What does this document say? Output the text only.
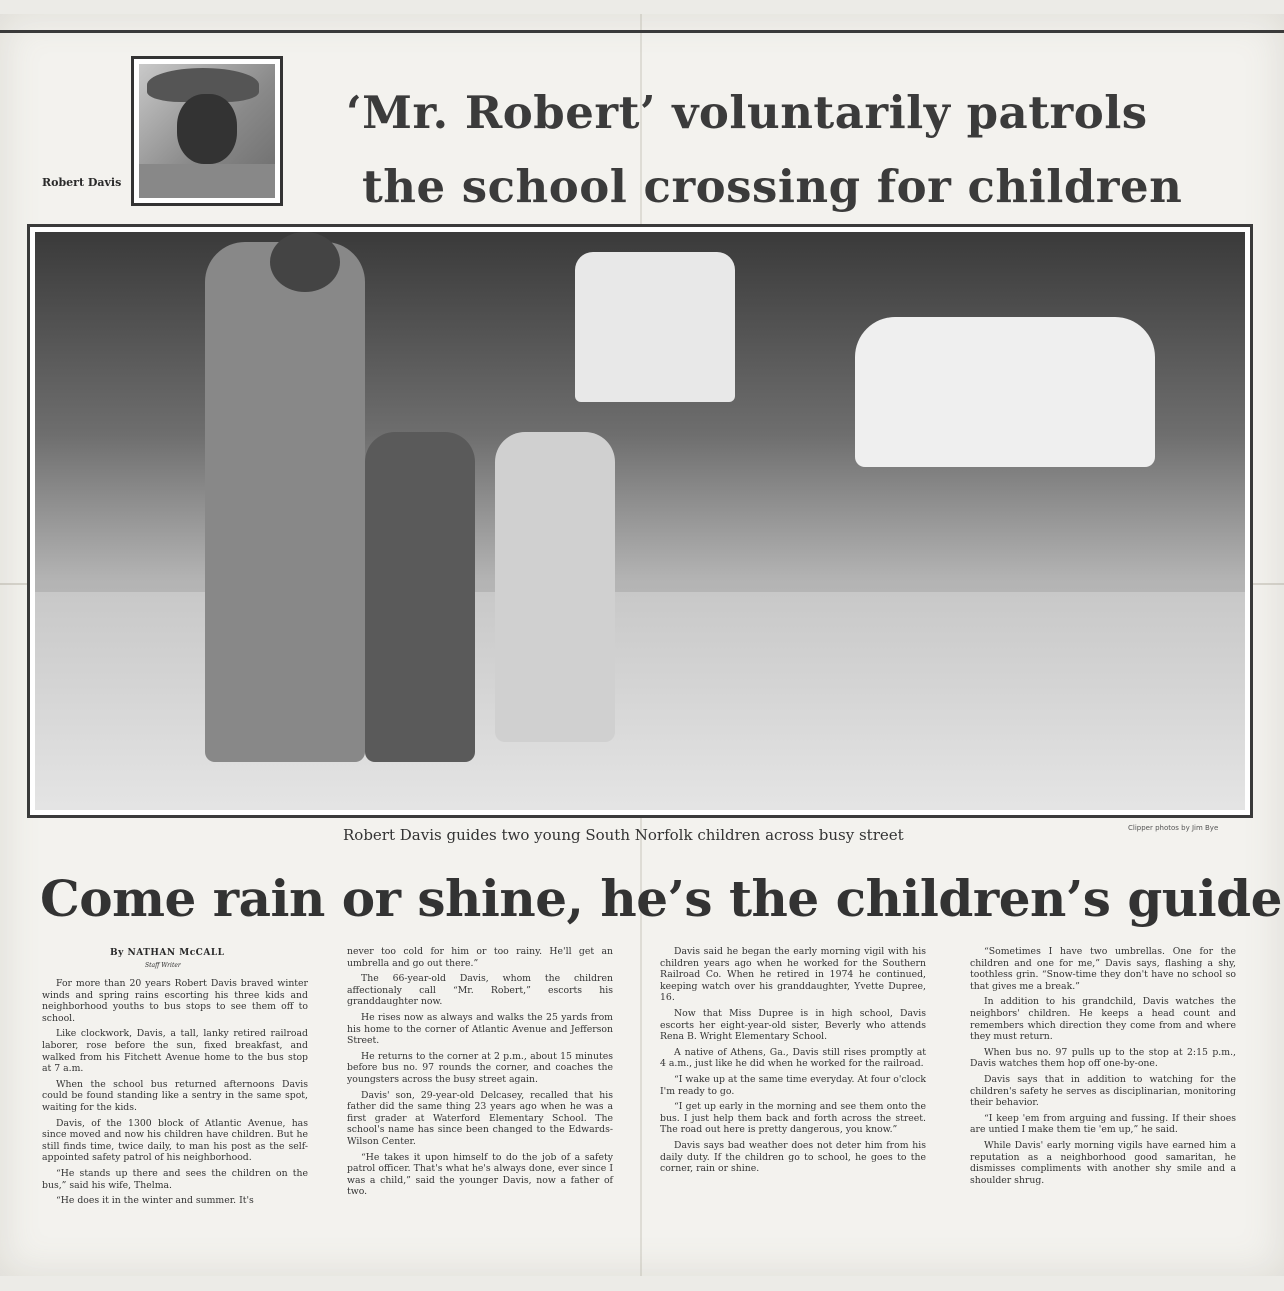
Robert Davis
‘Mr. Robert’ voluntarily patrols
the school crossing for children
Robert Davis guides two young South Norfolk children across busy street	Clipper photos by Jim Bye
Come rain or shine, he’s the children’s guide
By NATHAN McCALL
Staff Writer

For more than 20 years Robert Davis braved winter winds and spring rains escorting his three kids and neighborhood youths to bus stops to see them off to school.

Like clockwork, Davis, a tall, lanky retired railroad laborer, rose before the sun, fixed breakfast, and walked from his Fitchett Avenue home to the bus stop at 7 a.m.

When the school bus returned afternoons Davis could be found standing like a sentry in the same spot, waiting for the kids.

Davis, of the 1300 block of Atlantic Avenue, has since moved and now his children have children. But he still finds time, twice daily, to man his post as the self-appointed safety patrol of his neighborhood.

“He stands up there and sees the children on the bus,” said his wife, Thelma.

“He does it in the winter and summer. It's

never too cold for him or too rainy. He'll get an umbrella and go out there.”

The 66-year-old Davis, whom the children affectionaly call “Mr. Robert,” escorts his granddaughter now.

He rises now as always and walks the 25 yards from his home to the corner of Atlantic Avenue and Jefferson Street.

He returns to the corner at 2 p.m., about 15 minutes before bus no. 97 rounds the corner, and coaches the youngsters across the busy street again.

Davis' son, 29-year-old Delcasey, recalled that his father did the same thing 23 years ago when he was a first grader at Waterford Elementary School. The school's name has since been changed to the Edwards-Wilson Center.

“He takes it upon himself to do the job of a safety patrol officer. That's what he's always done, ever since I was a child,” said the younger Davis, now a father of two.

Davis said he began the early morning vigil with his children years ago when he worked for the Southern Railroad Co. When he retired in 1974 he continued, keeping watch over his granddaughter, Yvette Dupree, 16.

Now that Miss Dupree is in high school, Davis escorts her eight-year-old sister, Beverly who attends Rena B. Wright Elementary School.

A native of Athens, Ga., Davis still rises promptly at 4 a.m., just like he did when he worked for the railroad.

“I wake up at the same time everyday. At four o'clock I'm ready to go.

“I get up early in the morning and see them onto the bus. I just help them back and forth across the street. The road out here is pretty dangerous, you know.”

Davis says bad weather does not deter him from his daily duty. If the children go to school, he goes to the corner, rain or shine.

“Sometimes I have two umbrellas. One for the children and one for me,” Davis says, flashing a shy, toothless grin. “Snow-time they don't have no school so that gives me a break.”

In addition to his grandchild, Davis watches the neighbors' children. He keeps a head count and remembers which direction they come from and where they must return.

When bus no. 97 pulls up to the stop at 2:15 p.m., Davis watches them hop off one-by-one.

Davis says that in addition to watching for the children's safety he serves as disciplinarian, monitoring their behavior.

“I keep 'em from arguing and fussing. If their shoes are untied I make them tie 'em up,” he said.

While Davis' early morning vigils have earned him a reputation as a neighborhood good samaritan, he dismisses compliments with another shy smile and a shoulder shrug.
